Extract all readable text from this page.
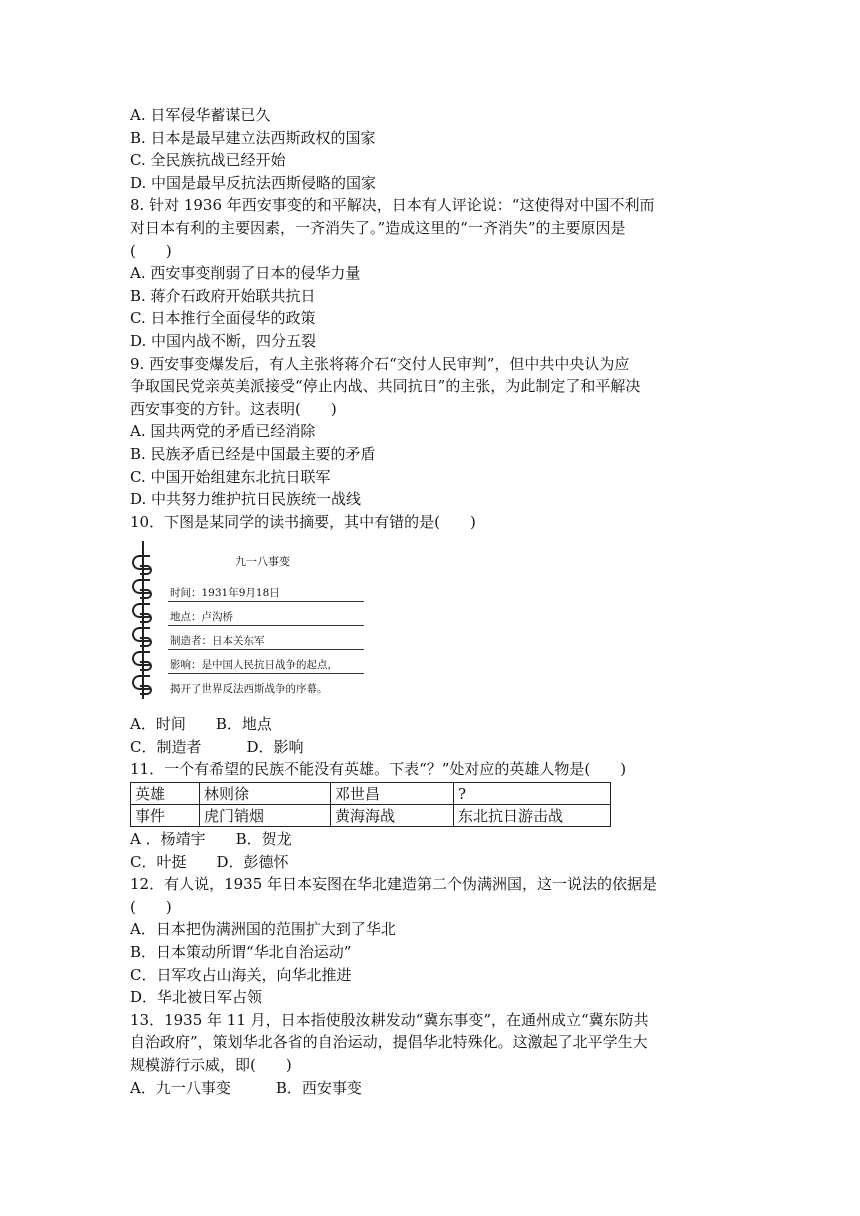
A. 日军侵华蓄谋已久
B. 日本是最早建立法西斯政权的国家
C. 全民族抗战已经开始
D. 中国是最早反抗法西斯侵略的国家
8. 针对 1936 年西安事变的和平解决，日本有人评论说：“这使得对中国不利而
对日本有利的主要因素，一齐消失了。”造成这里的“一齐消失”的主要原因是
(　　)
A. 西安事变削弱了日本的侵华力量
B. 蒋介石政府开始联共抗日
C. 日本推行全面侵华的政策
D. 中国内战不断，四分五裂
9. 西安事变爆发后，有人主张将蒋介石“交付人民审判”，但中共中央认为应
争取国民党亲英美派接受“停止内战、共同抗日”的主张，为此制定了和平解决
西安事变的方针。这表明(　　)
A. 国共两党的矛盾已经消除
B. 民族矛盾已经是中国最主要的矛盾
C. 中国开始组建东北抗日联军
D. 中共努力维护抗日民族统一战线
10．下图是某同学的读书摘要，其中有错的是(　　)
九一八事变
时间：1931年9月18日
地点：卢沟桥
制造者：日本关东军
影响：是中国人民抗日战争的起点，
揭开了世界反法西斯战争的序幕。
A．时间　　B．地点
C．制造者　　　D．影响
11．一个有希望的民族不能没有英雄。下表“？”处对应的英雄人物是(　　)
英雄	林则徐	邓世昌	?
事件	虎门销烟	黄海海战	东北抗日游击战
A ．杨靖宇　　B．贺龙
C．叶挺　　D．彭德怀
12．有人说，1935 年日本妄图在华北建造第二个伪满洲国，这一说法的依据是
(　　)
A．日本把伪满洲国的范围扩大到了华北
B．日本策动所谓“华北自治运动”
C．日军攻占山海关，向华北推进
D．华北被日军占领
13．1935 年 11 月，日本指使殷汝耕发动“冀东事变”，在通州成立“冀东防共
自治政府”，策划华北各省的自治运动，提倡华北特殊化。这激起了北平学生大
规模游行示威，即(　　)
A．九一八事变　　　B．西安事变
